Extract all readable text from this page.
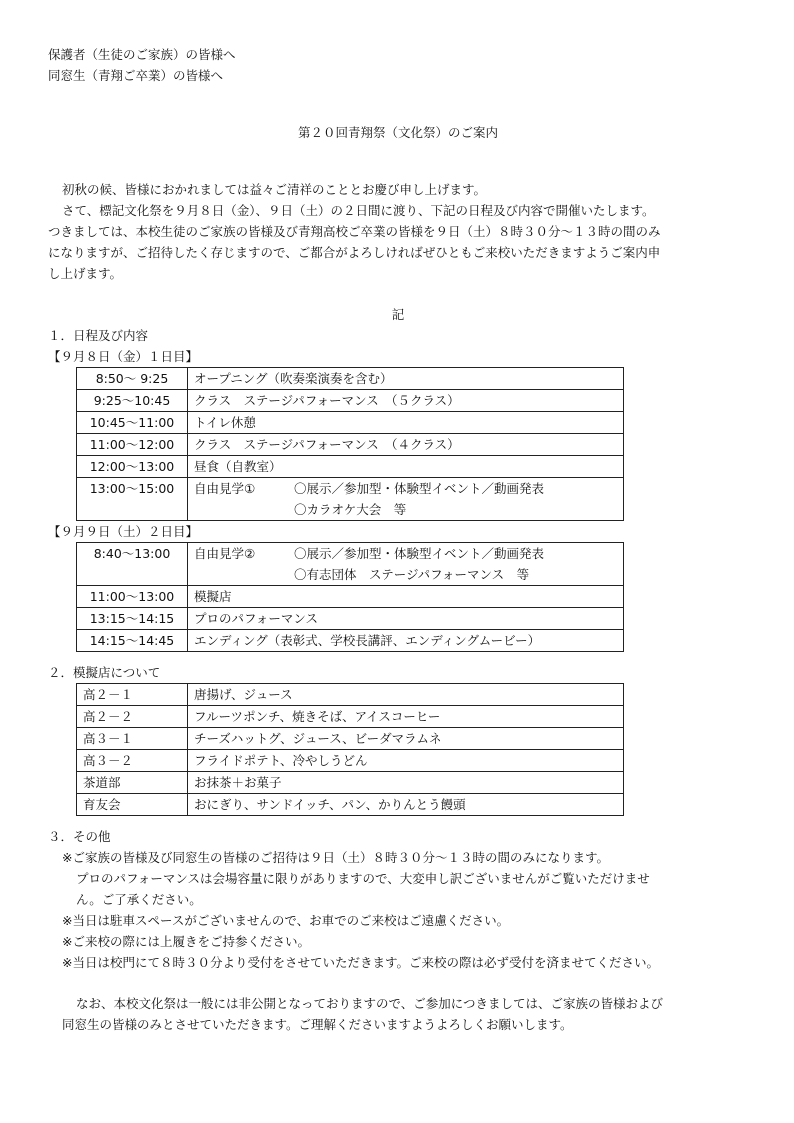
保護者（生徒のご家族）の皆様へ
同窓生（青翔ご卒業）の皆様へ
第２０回青翔祭（文化祭）のご案内
初秋の候、皆様におかれましては益々ご清祥のこととお慶び申し上げます。
さて、標記文化祭を９月８日（金）、９日（土）の２日間に渡り、下記の日程及び内容で開催いたします。
つきましては、本校生徒のご家族の皆様及び青翔高校ご卒業の皆様を９日（土）８時３０分～１３時の間のみ
になりますが、ご招待したく存じますので、ご都合がよろしければぜひともご来校いただきますようご案内申
し上げます。
記
１．日程及び内容
【９月８日（金）１日目】
8:50～ 9:25	オープニング（吹奏楽演奏を含む）
9:25～10:45	クラス　ステージパフォーマンス　（５クラス）
10:45～11:00	トイレ休憩
11:00～12:00	クラス　ステージパフォーマンス　（４クラス）
12:00～13:00	昼食（自教室）
13:00～15:00	自由見学① 〇展示／参加型・体験型イベント／動画発表
〇カラオケ大会　等
【９月９日（土）２日目】
8:40～13:00	自由見学② 〇展示／参加型・体験型イベント／動画発表
〇有志団体　ステージパフォーマンス　等

11:00～13:00	模擬店
13:15～14:15	プロのパフォーマンス
14:15～14:45	エンディング（表彰式、学校長講評、エンディングムービー）
２．模擬店について
高２－１	唐揚げ、ジュース
高２－２	フルーツポンチ、焼きそば、アイスコーヒー
高３－１	チーズハットグ、ジュース、ビーダマラムネ
高３－２	フライドポテト、冷やしうどん
茶道部	お抹茶＋お菓子
育友会	おにぎり、サンドイッチ、パン、かりんとう饅頭
３．その他
※ご家族の皆様及び同窓生の皆様のご招待は９日（土）８時３０分～１３時の間のみになります。
プロのパフォーマンスは会場容量に限りがありますので、大変申し訳ございませんがご覧いただけませ
ん。ご了承ください。
※当日は駐車スペースがございませんので、お車でのご来校はご遠慮ください。
※ご来校の際には上履きをご持参ください。
※当日は校門にて８時３０分より受付をさせていただきます。ご来校の際は必ず受付を済ませてください。
なお、本校文化祭は一般には非公開となっておりますので、ご参加につきましては、ご家族の皆様および
同窓生の皆様のみとさせていただきます。ご理解くださいますようよろしくお願いします。
